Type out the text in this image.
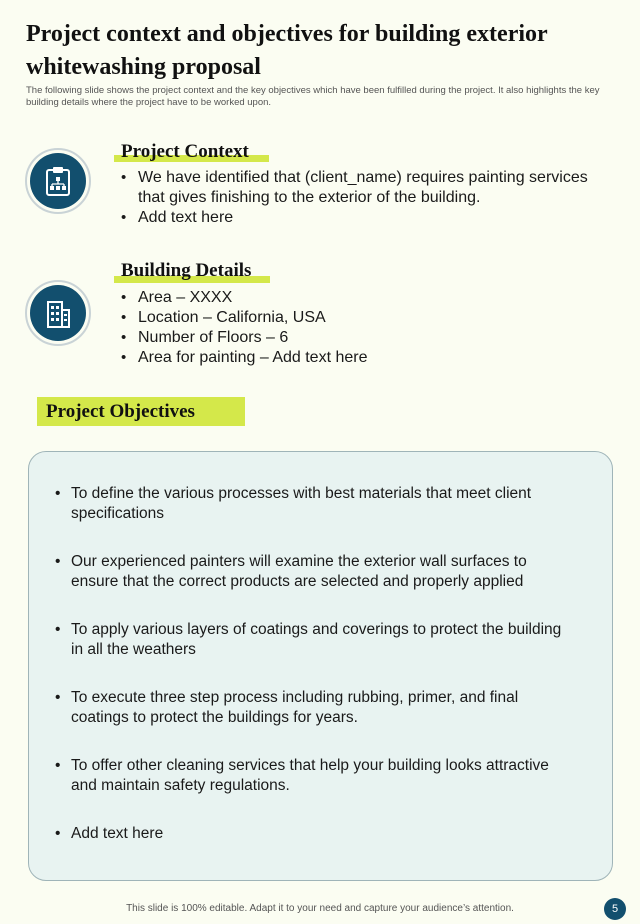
Project context and objectives for building exterior whitewashing proposal
The following slide shows the project context and the key objectives which have been fulfilled during the project. It also highlights the key building details where the project have to be worked upon.
Project Context
• We have identified that (client_name) requires painting services that gives finishing to the exterior of the building.
• Add text here
Building Details
• Area – XXXX
• Location – California, USA
• Number of Floors – 6
• Area for painting – Add text here
Project Objectives
• To define the various processes with best materials that meet client specifications
• Our experienced painters will examine the exterior wall surfaces to ensure that the correct products are selected and properly applied
• To apply various layers of coatings and coverings to protect the building in all the weathers
• To execute three step process including rubbing, primer, and final coatings to protect the buildings for years.
• To offer other cleaning services that help your building looks attractive and maintain safety regulations.
• Add text here
This slide is 100% editable. Adapt it to your need and capture your audience’s attention.	5
